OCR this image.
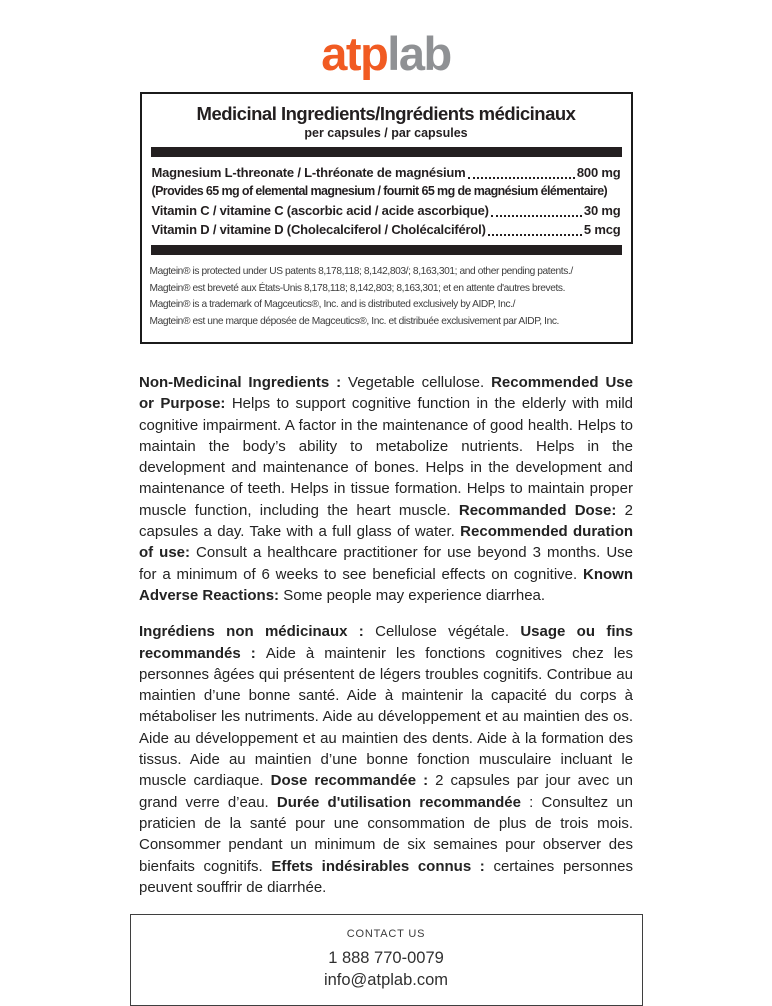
atplab
Medicinal Ingredients/Ingrédients médicinaux
per capsules / par capsules
Magnesium L-threonate / L-thréonate de magnésium	800 mg
(Provides 65 mg of elemental magnesium / fournit 65 mg de magnésium élémentaire)
Vitamin C / vitamine C (ascorbic acid / acide ascorbique)	30 mg
Vitamin D / vitamine D (Cholecalciferol / Cholécalciférol)	5 mcg
Magtein® is protected under US patents 8,178,118; 8,142,803/; 8,163,301; and other pending patents./
Magtein® est breveté aux États-Unis 8,178,118; 8,142,803; 8,163,301; et en attente d'autres brevets.
Magtein® is a trademark of Magceutics®, Inc. and is distributed exclusively by AIDP, Inc./
Magtein® est une marque déposée de Magceutics®, Inc. et distribuée exclusivement par AIDP, Inc.

Non-Medicinal Ingredients : Vegetable cellulose. Recommended Use or Purpose: Helps to support cognitive function in the elderly with mild cognitive impairment. A factor in the maintenance of good health. Helps to maintain the body’s ability to metabolize nutrients. Helps in the development and maintenance of bones. Helps in the development and maintenance of teeth. Helps in tissue formation. Helps to maintain proper muscle function, including the heart muscle. Recommanded Dose: 2 capsules a day. Take with a full glass of water. Recommended duration of use: Consult a healthcare practitioner for use beyond 3 months. Use for a minimum of 6 weeks to see beneficial effects on cognitive. Known Adverse Reactions: Some people may experience diarrhea.

Ingrédiens non médicinaux : Cellulose végétale. Usage ou fins recommandés : Aide à maintenir les fonctions cognitives chez les personnes âgées qui présentent de légers troubles cognitifs. Contribue au maintien d’une bonne santé. Aide à maintenir la capacité du corps à métaboliser les nutriments. Aide au développement et au maintien des os. Aide au développement et au maintien des dents. Aide à la formation des tissus. Aide au maintien d’une bonne fonction musculaire incluant le muscle cardiaque. Dose recommandée : 2 capsules par jour avec un grand verre d’eau. Durée d'utilisation recommandée : Consultez un praticien de la santé pour une consommation de plus de trois mois. Consommer pendant un minimum de six semaines pour observer des bienfaits cognitifs. Effets indésirables connus : certaines personnes peuvent souffrir de diarrhée.

CONTACT US
1 888 770-0079
info@atplab.com
